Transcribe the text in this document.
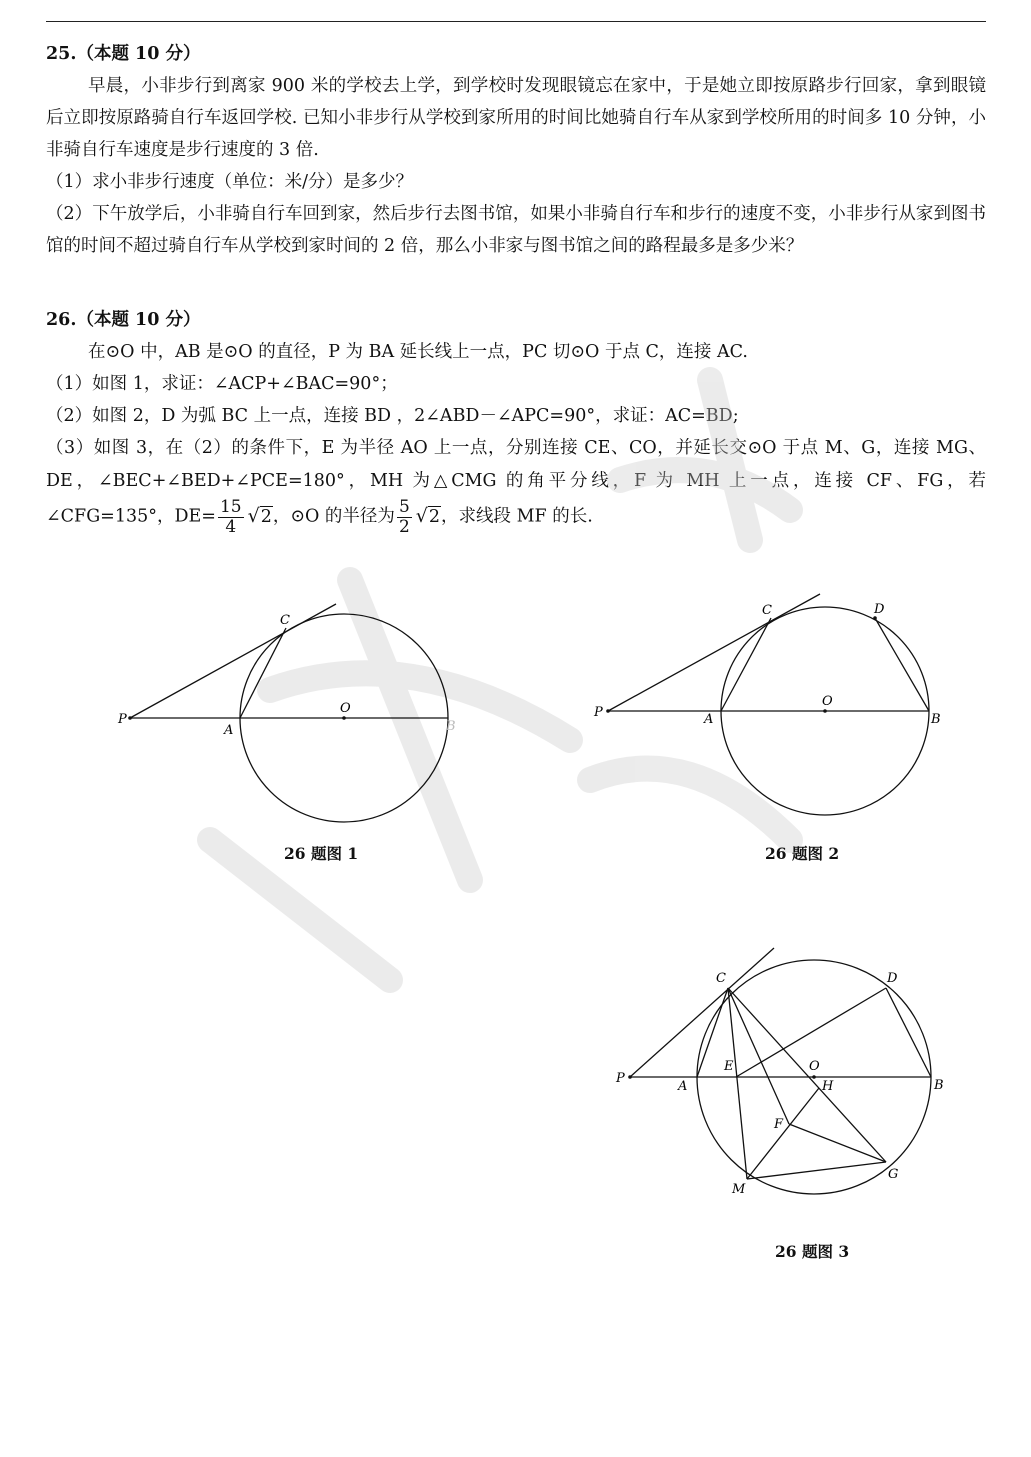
25.（本题 10 分）
早晨，小非步行到离家 900 米的学校去上学，到学校时发现眼镜忘在家中，于是她立即按原路步行回家，拿到眼镜后立即按原路骑自行车返回学校. 已知小非步行从学校到家所用的时间比她骑自行车从家到学校所用的时间多 10 分钟，小非骑自行车速度是步行速度的 3 倍.
（1）求小非步行速度（单位：米/分）是多少？
（2）下午放学后，小非骑自行车回到家，然后步行去图书馆，如果小非骑自行车和步行的速度不变，小非步行从家到图书馆的时间不超过骑自行车从学校到家时间的 2 倍，那么小非家与图书馆之间的路程最多是多少米？
26.（本题 10 分）
在⊙O 中，AB 是⊙O 的直径，P 为 BA 延长线上一点，PC 切⊙O 于点 C，连接 AC.
（1）如图 1，求证：∠ACP+∠BAC=90°；
（2）如图 2，D 为弧 BC 上一点，连接 BD ，2∠ABD－∠APC=90°，求证：AC=BD;
（3）如图 3，在（2）的条件下，E 为半径 AO 上一点，分别连接 CE、CO，并延长交⊙O 于点 M、G，连接 MG、DE，∠BEC+∠BED+∠PCE=180°，MH 为△CMG 的角平分线，F 为 MH 上一点，连接 CF、FG，若∠CFG=135°，$DE= \frac{15}{4} √2$，⊙O 的半径为 $\frac{5}{2} √2$，求线段 MF 的长.
P
A
O
B
C
26 题图 1
P	A
O
B
C	D
26 题图 2
P
A
E	O
H	B
C	D
F
M
G
26 题图 3
